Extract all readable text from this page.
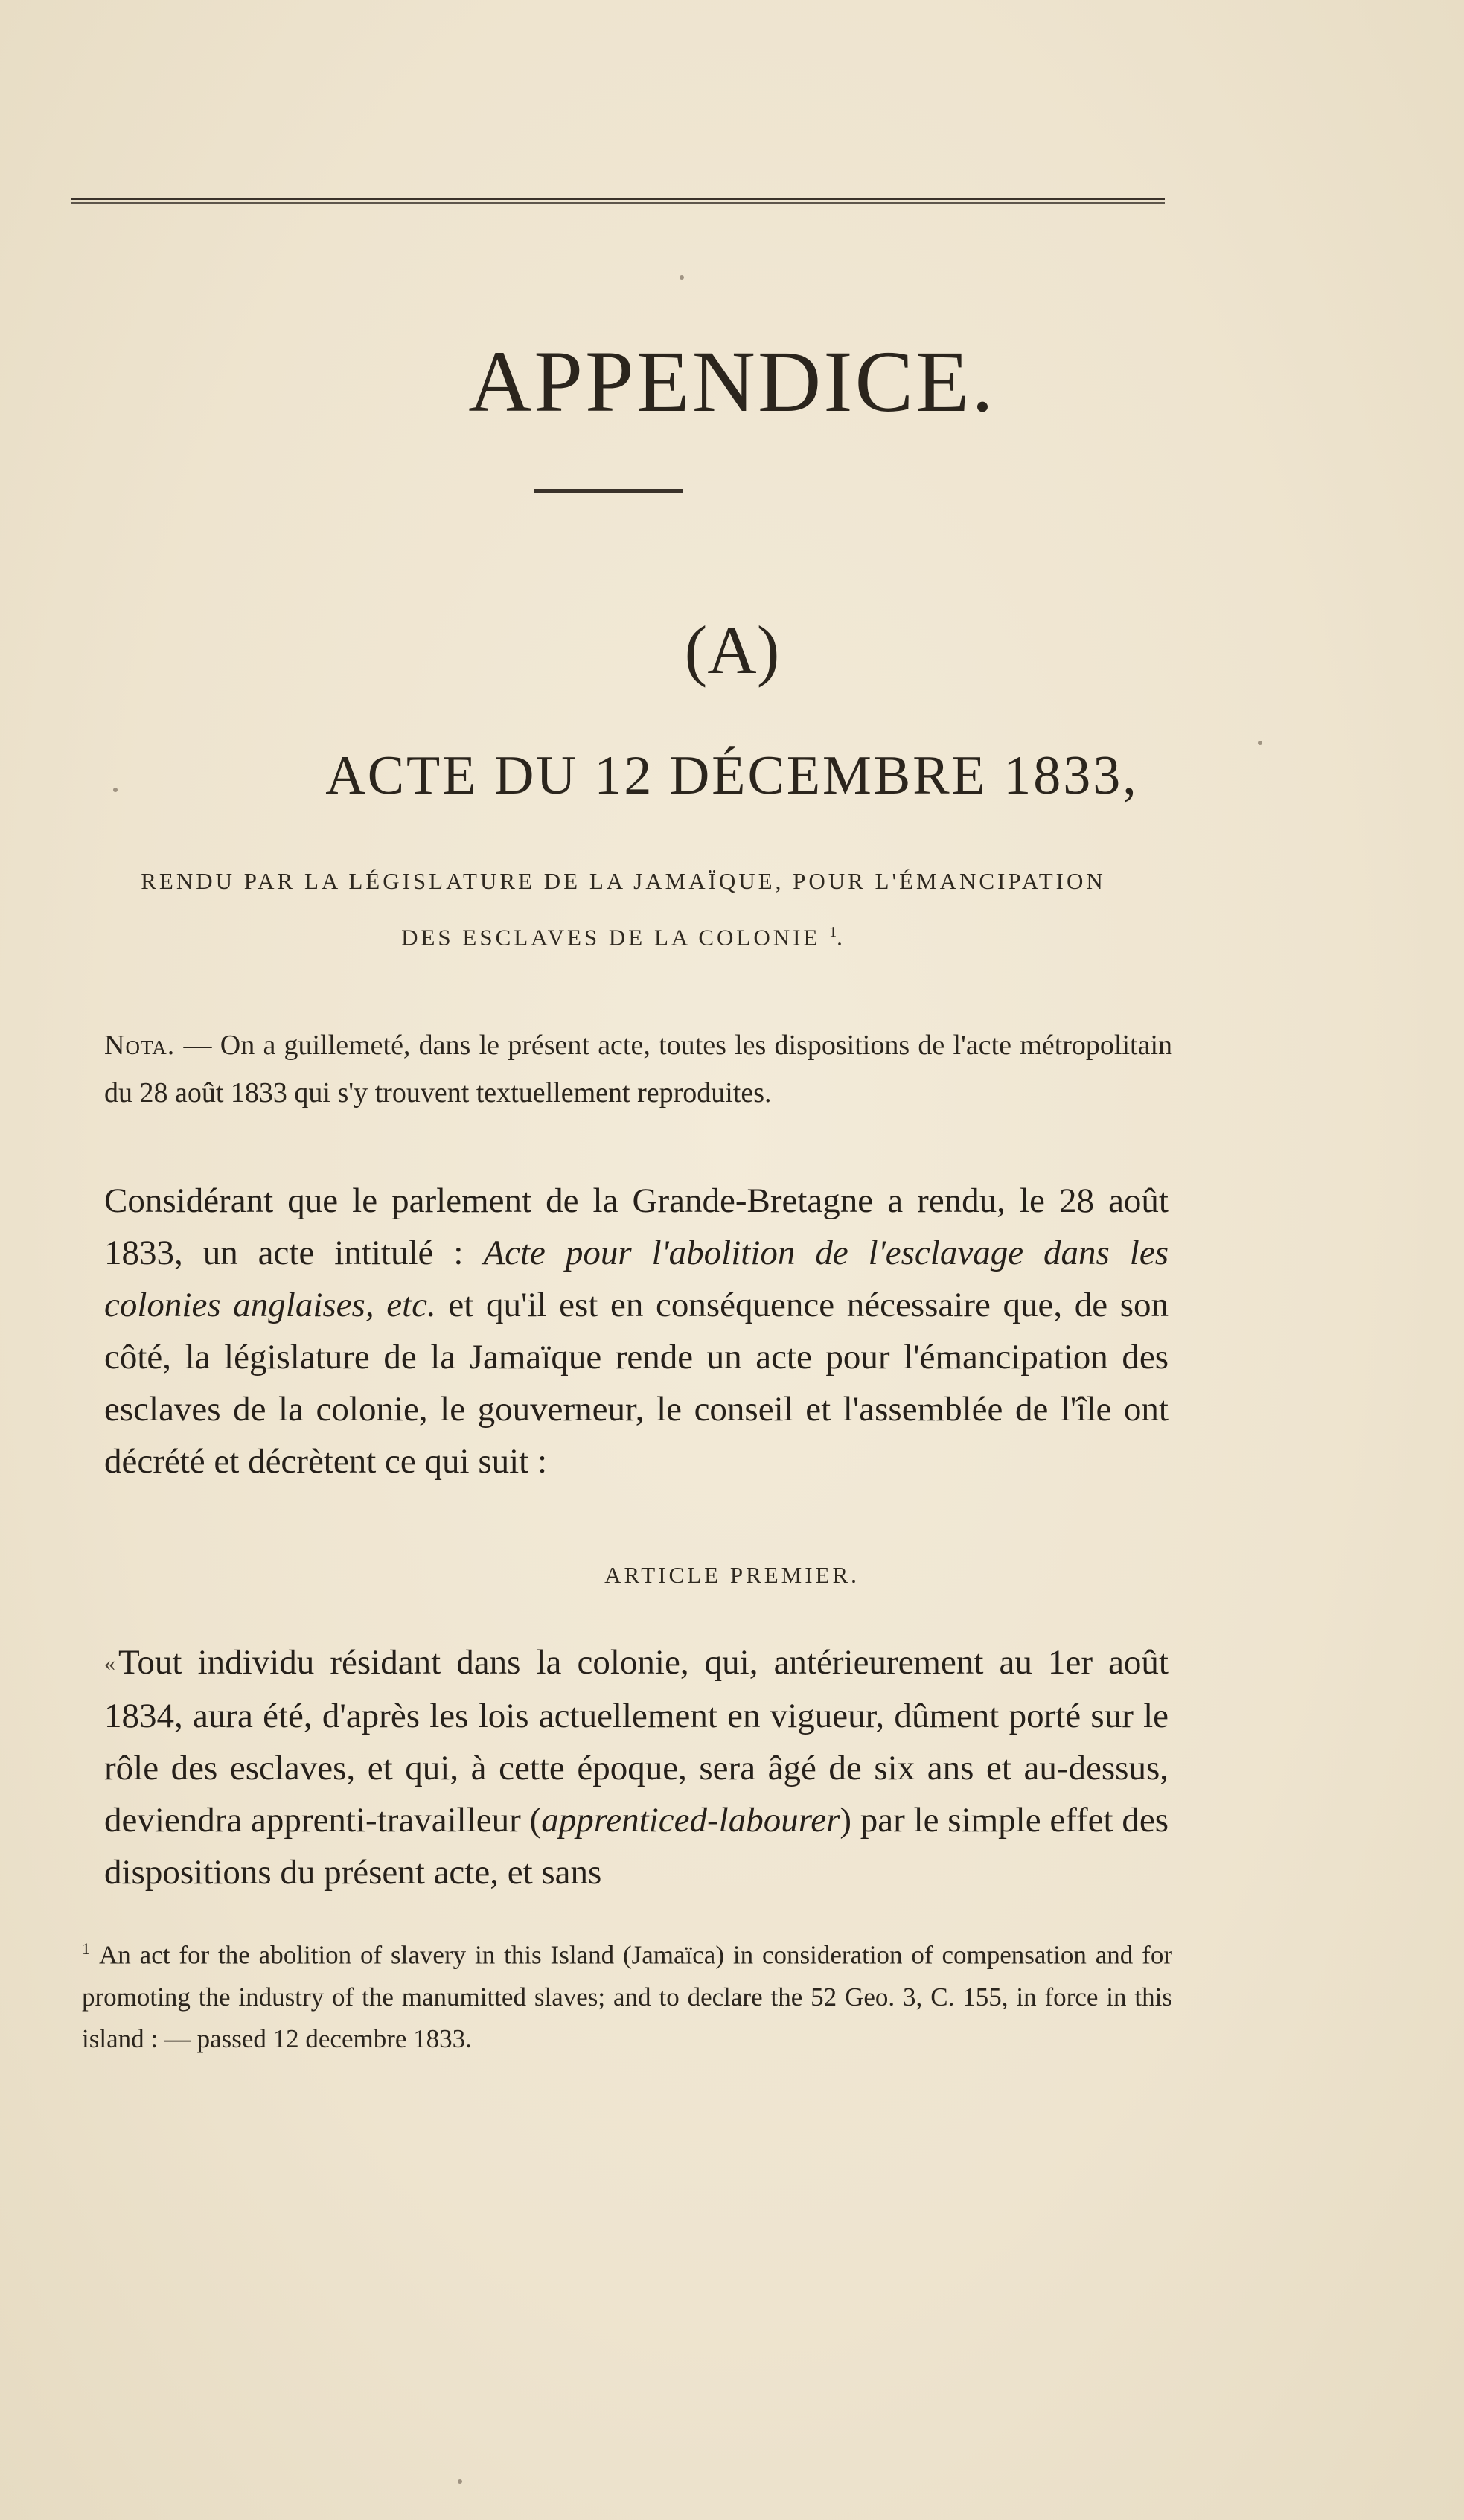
APPENDICE.
(A)
ACTE DU 12 DÉCEMBRE 1833,
RENDU PAR LA LÉGISLATURE DE LA JAMAÏQUE, POUR L'ÉMANCIPATION
DES ESCLAVES DE LA COLONIE $^1$.
Nota. — On a guillemeté, dans le présent acte, toutes les dispositions de l'acte métropolitain du 28 août 1833 qui s'y trouvent textuellement reproduites.

Considérant que le parlement de la Grande-Bretagne a rendu, le 28 août 1833, un acte intitulé : Acte pour l'abolition de l'esclavage dans les colonies anglaises, etc. et qu'il est en conséquence nécessaire que, de son côté, la législature de la Jamaïque rende un acte pour l'émancipation des esclaves de la colonie, le gouverneur, le conseil et l'assemblée de l'île ont décrété et décrètent ce qui suit :

ARTICLE PREMIER.

«Tout individu résidant dans la colonie, qui, antérieurement au 1er août 1834, aura été, d'après les lois actuellement en vigueur, dûment porté sur le rôle des esclaves, et qui, à cette époque, sera âgé de six ans et au-dessus, deviendra apprenti-travailleur (apprenticed-labourer) par le simple effet des dispositions du présent acte, et sans

$^1$ An act for the abolition of slavery in this Island (Jamaïca) in consideration of compensation and for promoting the industry of the manumitted slaves; and to declare the 52 Geo. 3, C. 155, in force in this island : — passed 12 decembre 1833.
